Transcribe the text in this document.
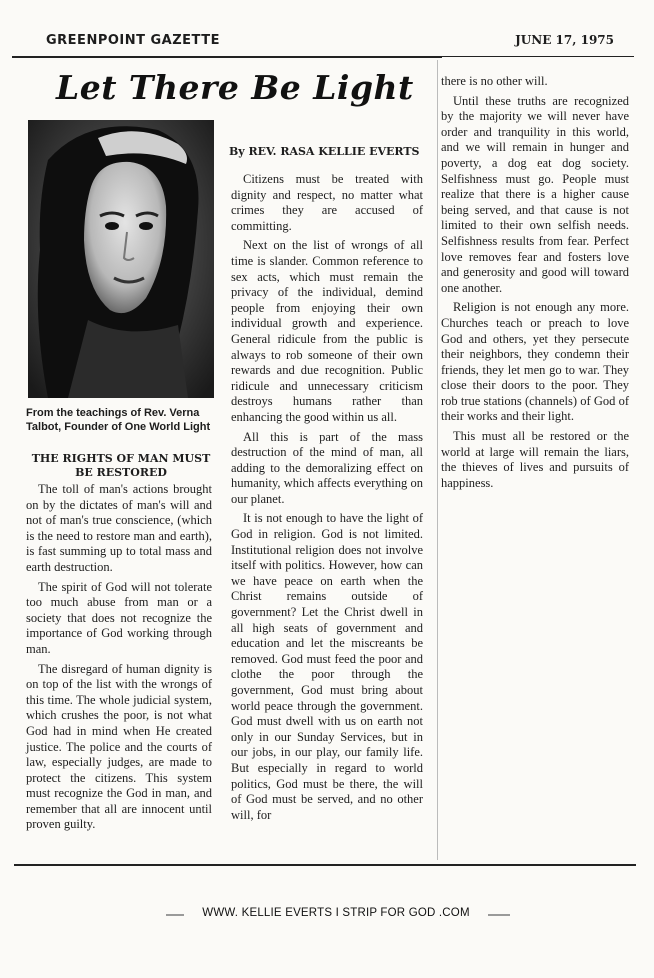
GREENPOINT GAZETTE	JUNE 17, 1975
Let There Be Light
From the teachings of Rev. Verna Talbot, Founder of One World Light
THE RIGHTS OF MAN MUST BE RESTORED
By REV. RASA KELLIE EVERTS

The toll of man's actions brought on by the dictates of man's will and not of man's true conscience, (which is the need to restore man and earth), is fast summing up to total mass and earth destruction.

The spirit of God will not tolerate too much abuse from man or a society that does not recognize the importance of God working through man.

The disregard of human dignity is on top of the list with the wrongs of this time. The whole judicial system, which crushes the poor, is not what God had in mind when He created justice. The police and the courts of law, especially judges, are made to protect the citizens. This system must recognize the God in man, and remember that all are innocent until proven guilty.

Citizens must be treated with dignity and respect, no matter what crimes they are accused of committing.

Next on the list of wrongs of all time is slander. Common reference to sex acts, which must remain the privacy of the individual, demind people from enjoying their own individual growth and experience. General ridicule from the public is always to rob someone of their own rewards and due recognition. Public ridicule and unnecessary criticism destroys humans rather than enhancing the good within us all.

All this is part of the mass destruction of the mind of man, all adding to the demoralizing effect on humanity, which affects everything on our planet.

It is not enough to have the light of God in religion. God is not limited. Institutional religion does not involve itself with politics. However, how can we have peace on earth when the Christ remains outside of government? Let the Christ dwell in all high seats of government and education and let the miscreants be removed. God must feed the poor and clothe the poor through the government, God must bring about world peace through the government. God must dwell with us on earth not only in our Sunday Services, but in our jobs, in our play, our family life. But especially in regard to world politics, God must be there, the will of God must be served, and no other will, for

there is no other will.

Until these truths are recognized by the majority we will never have order and tranquility in this world, and we will remain in hunger and poverty, a dog eat dog society. Selfishness must go. People must realize that there is a higher cause being served, and that cause is not limited to their own selfish needs. Selfishness results from fear. Perfect love removes fear and fosters love and generosity and good will toward one another.

Religion is not enough any more. Churches teach or preach to love God and others, yet they persecute their neighbors, they condemn their friends, they let men go to war. They close their doors to the poor. They rob true stations (channels) of God of their works and their light.

This must all be restored or the world at large will remain the liars, the thieves of lives and pursuits of happiness.

WWW. KELLIE EVERTS I STRIP FOR GOD .COM
